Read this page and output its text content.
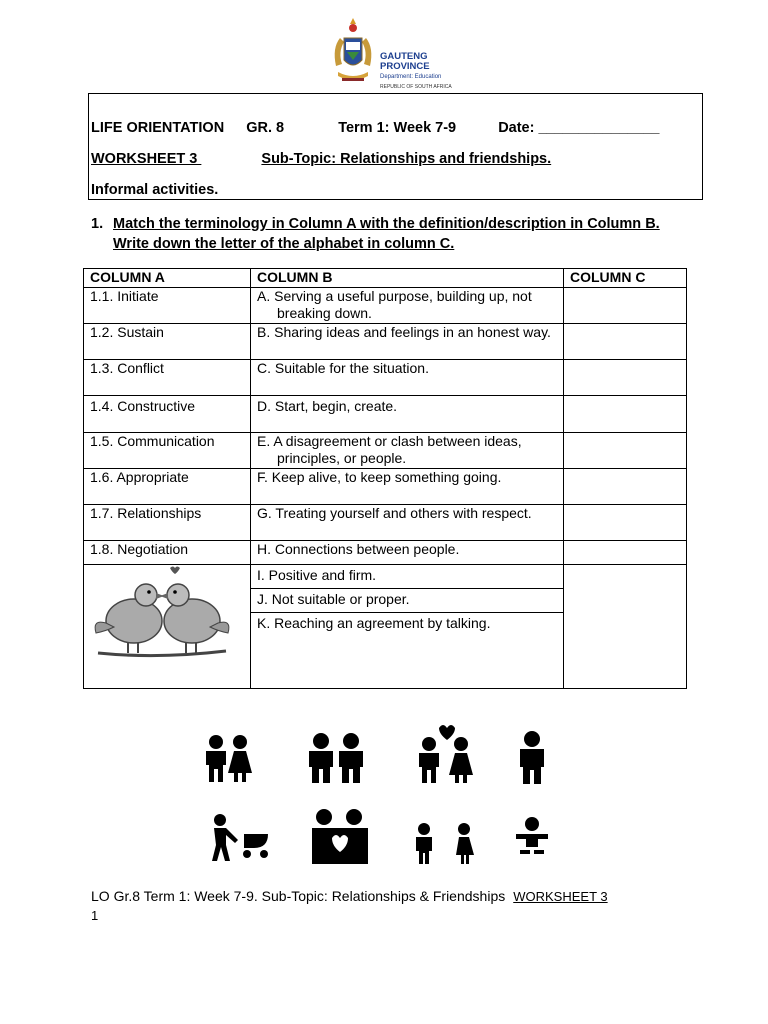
GAUTENG PROVINCE
Department: Education
REPUBLIC OF SOUTH AFRICA
LIFE ORIENTATION GR. 8	Term 1: Week 7-9	Date: _______________
WORKSHEET 3	Sub-Topic: Relationships and friendships.
Informal activities.
1. Match the terminology in Column A with the definition/description in Column B. Write down the letter of the alphabet in column C.
COLUMN A	COLUMN B	COLUMN C
1.1. Initiate	A. Serving a useful purpose, building up, not
breaking down.	

1.2. Sustain	B. Sharing ideas and feelings in an honest way.	
1.3. Conflict	C. Suitable for the situation.	
1.4. Constructive	D. Start, begin, create.	
1.5. Communication	E. A disagreement or clash between ideas,
principles, or people.	

1.6. Appropriate	F. Keep alive, to keep something going.	
1.7. Relationships	G. Treating yourself and others with respect.	
1.8. Negotiation	H. Connections between people.	
	I. Positive and firm.	
	J. Not suitable or proper.	
	K. Reaching an agreement by talking.	
LO Gr.8 Term 1: Week 7-9. Sub-Topic: Relationships & Friendships WORKSHEET 3
1
